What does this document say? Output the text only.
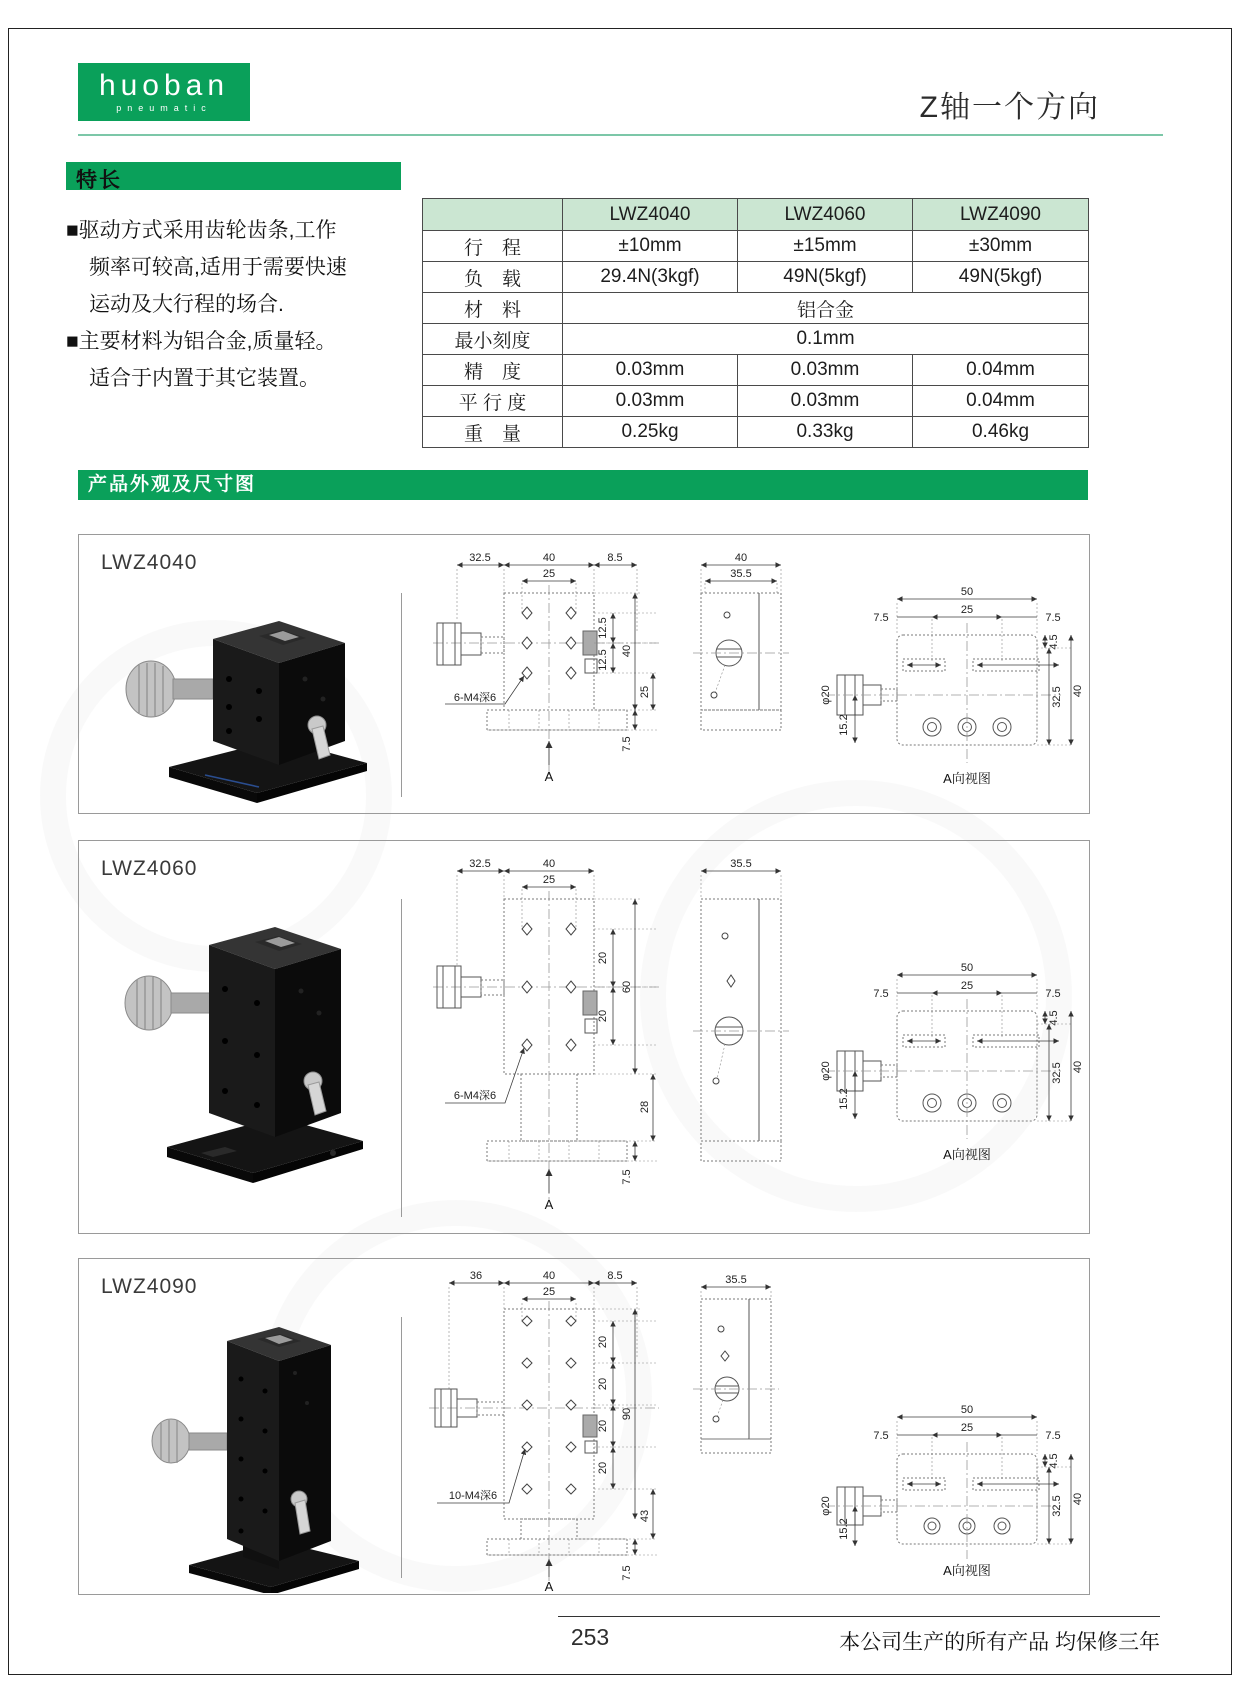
huoban
pneumatic	Z轴一个方向
特长
■驱动方式采用齿轮齿条,工作
频率可较高,适用于需要快速
运动及大行程的场合.
■主要材料为铝合金,质量轻。
适合于内置于其它装置。
	LWZ4040	LWZ4060	LWZ4090
行　程	±10mm	±15mm	±30mm
负　载	29.4N(3kgf)	49N(5kgf)	49N(5kgf)
材　料	铝合金		
最小刻度	0.1mm		
精　度	0.03mm	0.03mm	0.04mm
平 行 度	0.03mm	0.03mm	0.04mm
重　量	0.25kg	0.33kg	0.46kg
产品外观及尺寸图
LWZ4040	32.5	40	8.5
25
12.5
12.5 40
25
7.5
6-M4深6
A
40
35.5
50
25
7.5	7.5
4.5
φ20
15.2
32.5 40
A向视图
LWZ4060	32.5	40
25
20
20
60
28
7.5
6-M4深6
A
35.5
50
25
7.5	7.5
4.5
φ20
15.2
32.5 40
A向视图
LWZ4090	36	40	8.5
25
20
20
20
20
90
43
7.5
10-M4深6
A
35.5
50
25
7.5	7.5
4.5
φ20
15.2
32.5 40
A向视图
253	本公司生产的所有产品 均保修三年
